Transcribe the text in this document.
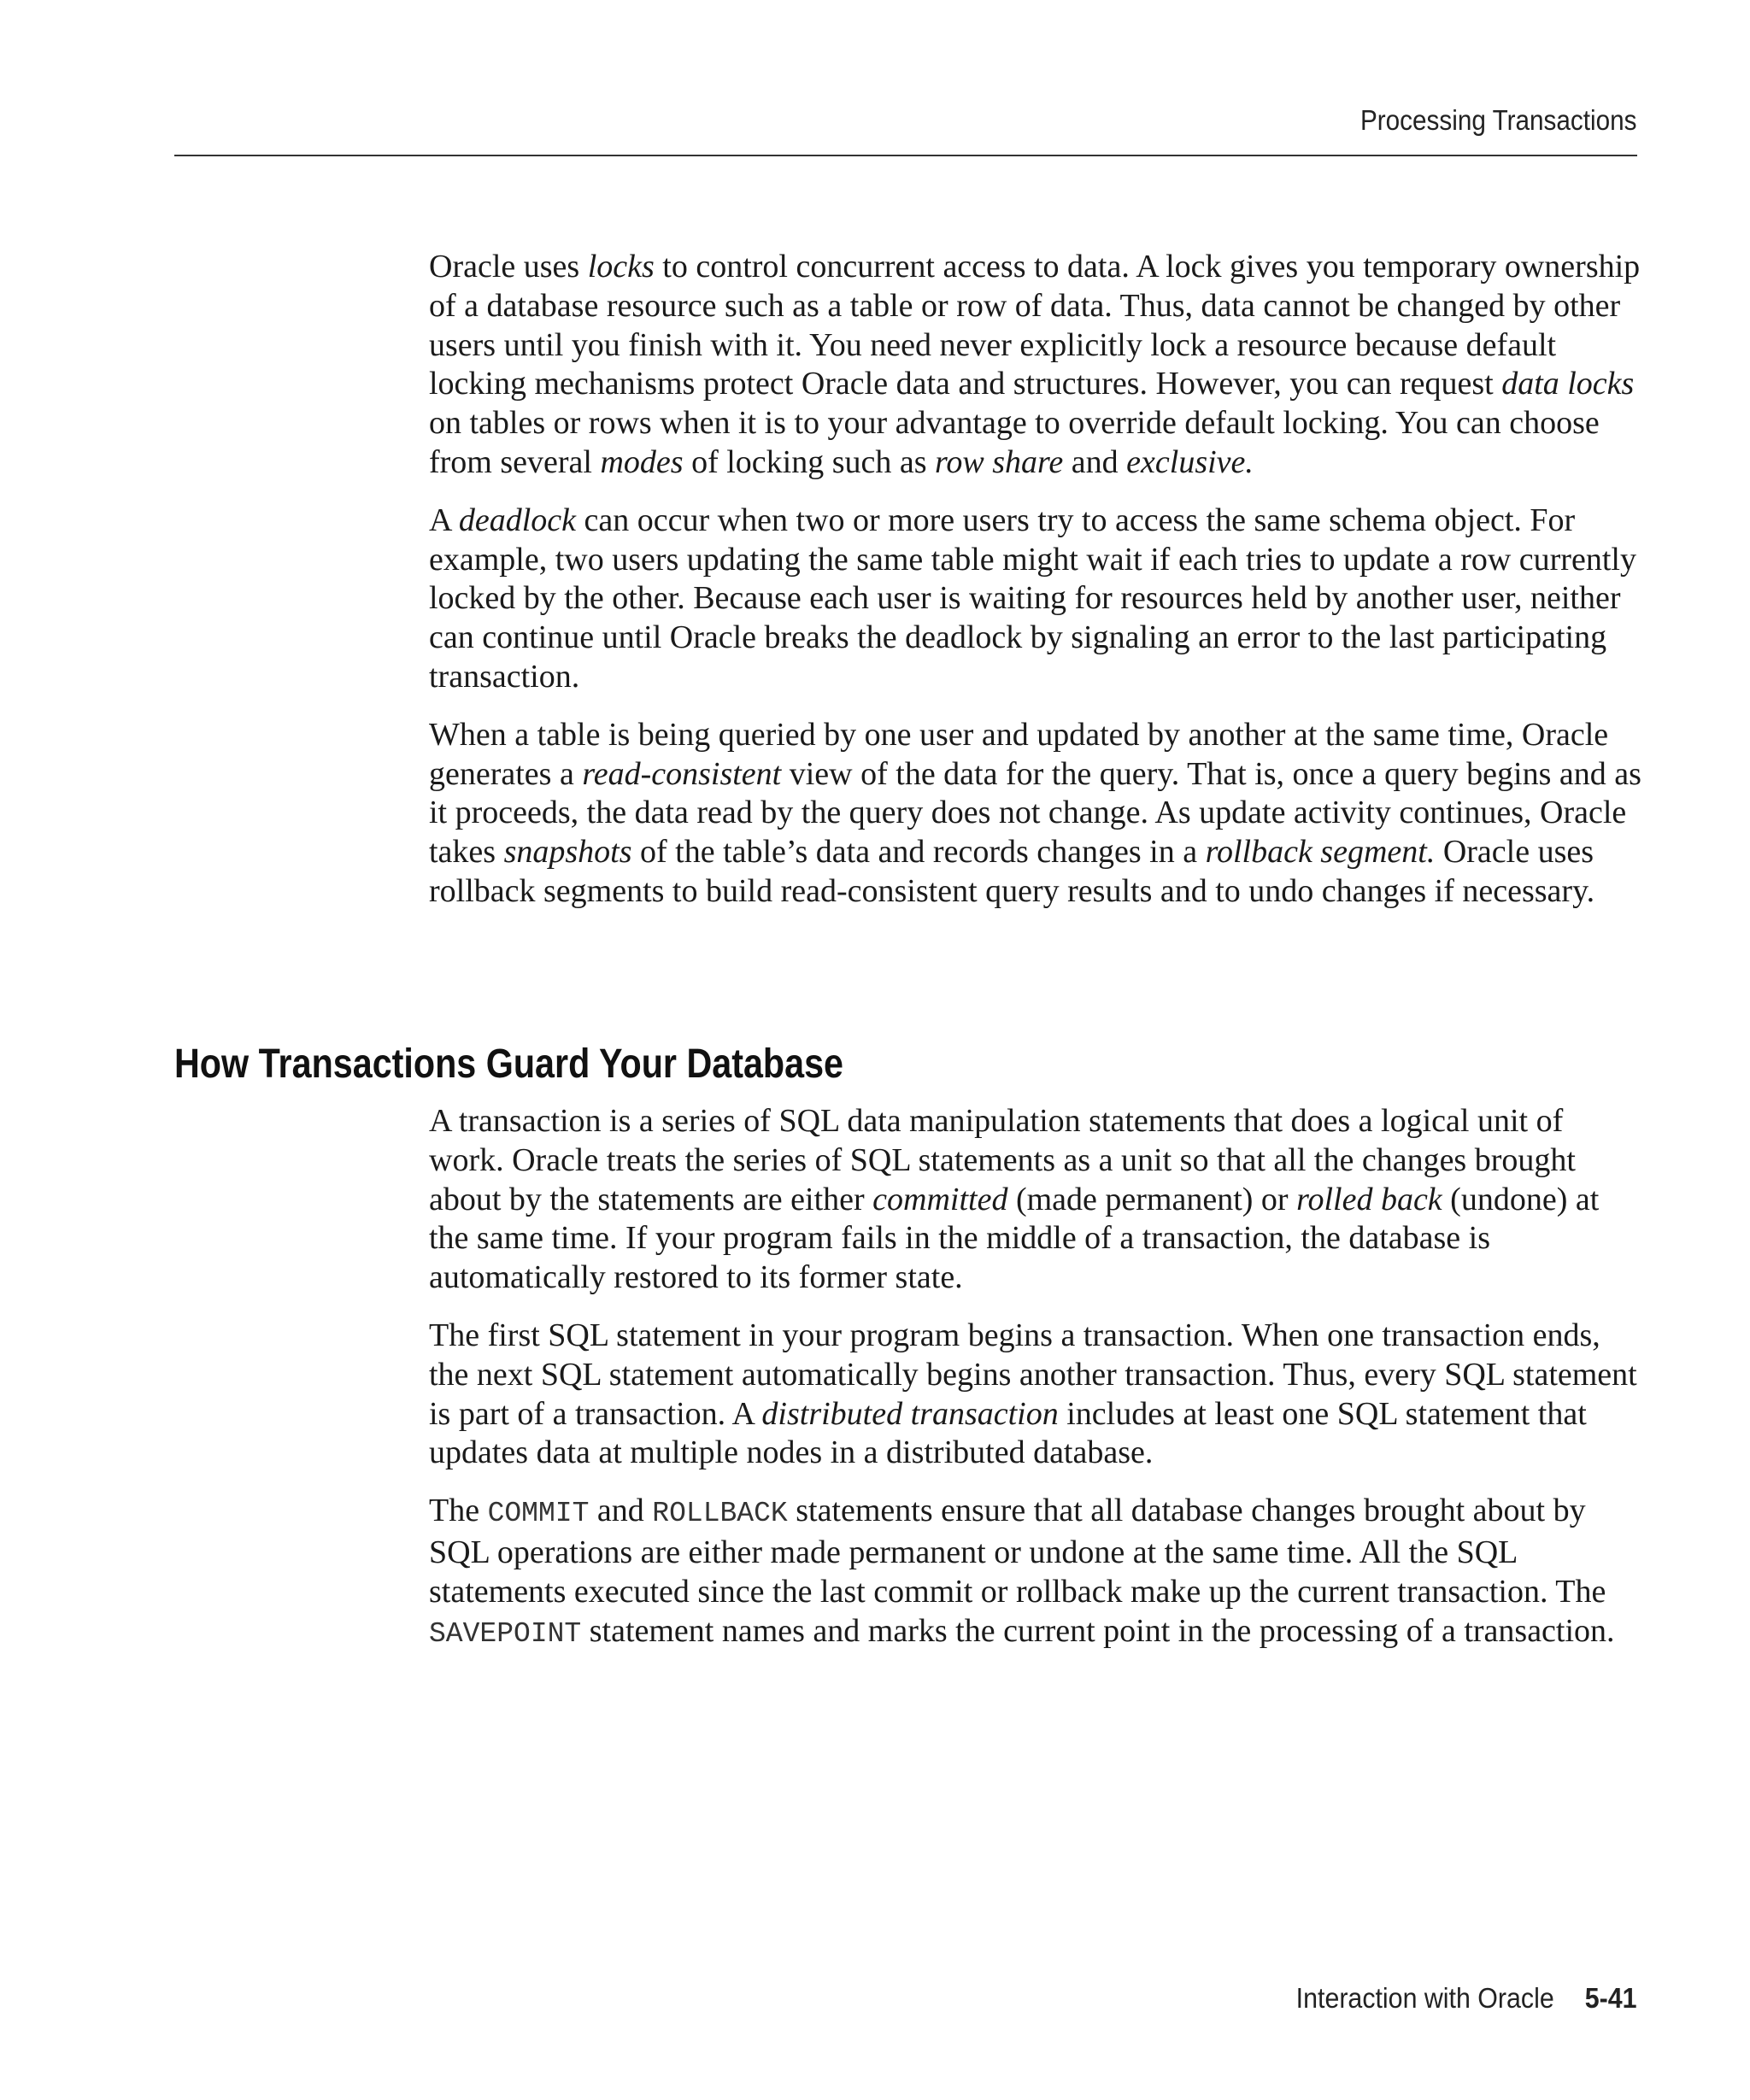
Processing Transactions

Oracle uses locks to control concurrent access to data. A lock gives you temporary ownership of a database resource such as a table or row of data. Thus, data cannot be changed by other users until you finish with it. You need never explicitly lock a resource because default locking mechanisms protect Oracle data and structures. However, you can request data locks on tables or rows when it is to your advantage to override default locking. You can choose from several modes of locking such as row share and exclusive.

A deadlock can occur when two or more users try to access the same schema object. For example, two users updating the same table might wait if each tries to update a row currently locked by the other. Because each user is waiting for resources held by another user, neither can continue until Oracle breaks the deadlock by signaling an error to the last participating transaction.

When a table is being queried by one user and updated by another at the same time, Oracle generates a read-consistent view of the data for the query. That is, once a query begins and as it proceeds, the data read by the query does not change. As update activity continues, Oracle takes snapshots of the table’s data and records changes in a rollback segment. Oracle uses rollback segments to build read-consistent query results and to undo changes if necessary.

How Transactions Guard Your Database

A transaction is a series of SQL data manipulation statements that does a logical unit of work. Oracle treats the series of SQL statements as a unit so that all the changes brought about by the statements are either committed (made permanent) or rolled back (undone) at the same time. If your program fails in the middle of a transaction, the database is automatically restored to its former state.

The first SQL statement in your program begins a transaction. When one transaction ends, the next SQL statement automatically begins another transaction. Thus, every SQL statement is part of a transaction. A distributed transaction includes at least one SQL statement that updates data at multiple nodes in a distributed database.

The COMMIT and ROLLBACK statements ensure that all database changes brought about by SQL operations are either made permanent or undone at the same time. All the SQL statements executed since the last commit or rollback make up the current transaction. The SAVEPOINT statement names and marks the current point in the processing of a transaction.

Interaction with Oracle 5-41
